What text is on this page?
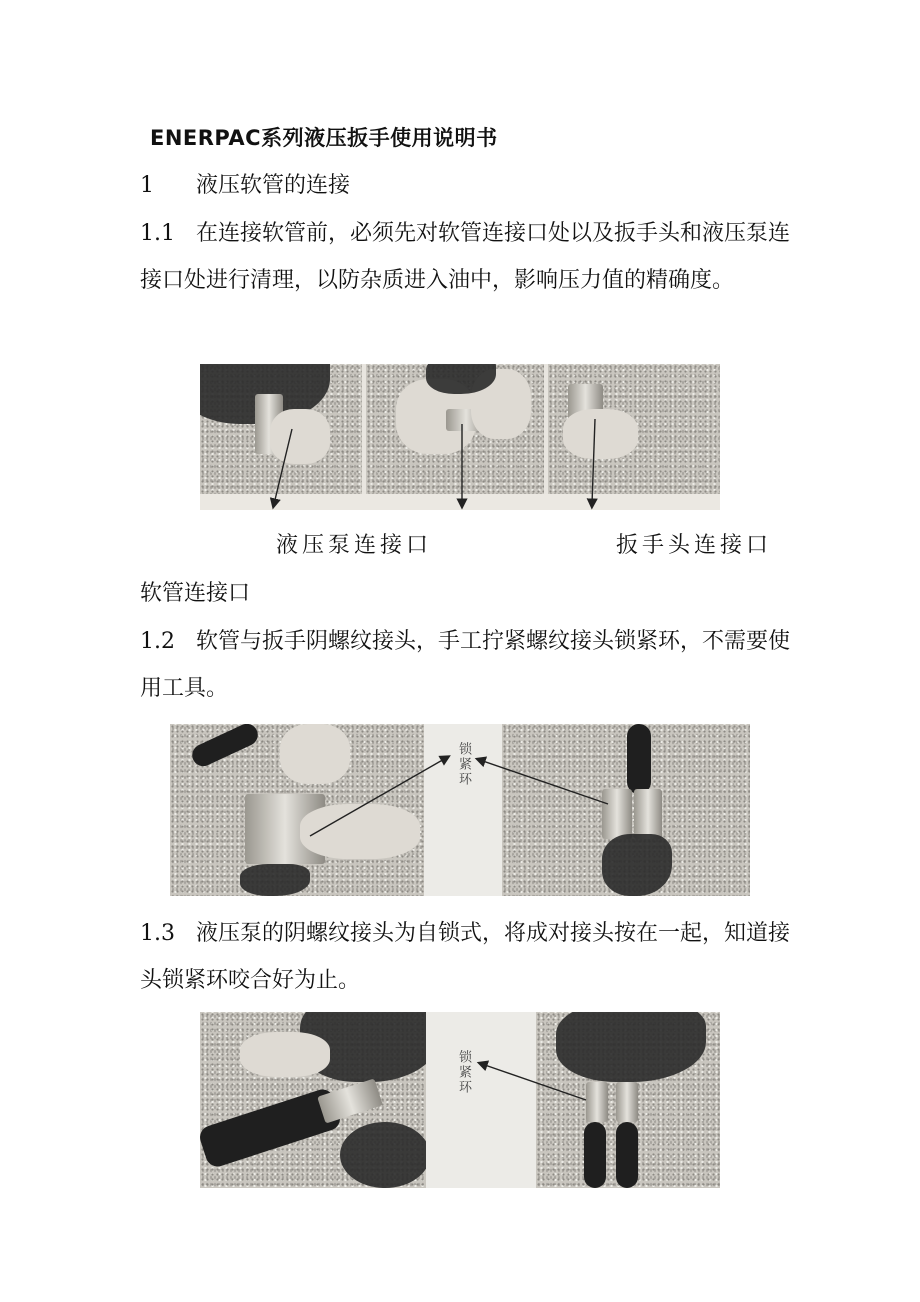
ENERPAC系列液压扳手使用说明书

1 液压软管的连接

1.1 在连接软管前，必须先对软管连接口处以及扳手头和液压泵连接口处进行清理，以防杂质进入油中，影响压力值的精确度。

液压泵连接口	扳手头连接口

软管连接口

1.2 软管与扳手阴螺纹接头，手工拧紧螺纹接头锁紧环，不需要使用工具。

锁紧环

1.3 液压泵的阴螺纹接头为自锁式，将成对接头按在一起，知道接头锁紧环咬合好为止。

锁紧环
